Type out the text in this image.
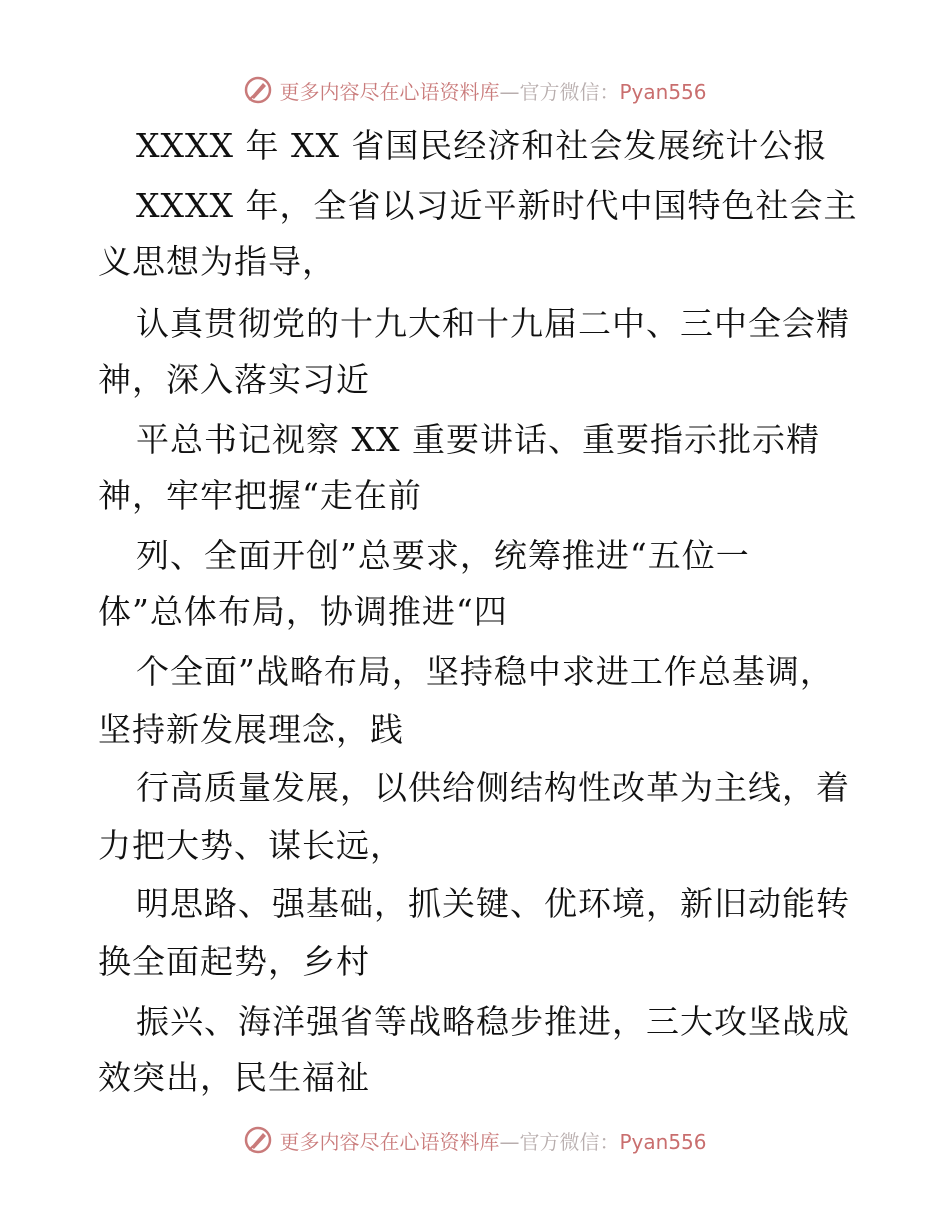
更多内容尽在心语资料库—官方微信：Pyan556
XXXX 年 XX 省国民经济和社会发展统计公报
XXXX 年，全省以习近平新时代中国特色社会主
义思想为指导，
认真贯彻党的十九大和十九届二中、三中全会精
神，深入落实习近
平总书记视察 XX 重要讲话、重要指示批示精
神，牢牢把握“走在前
列、全面开创”总要求，统筹推进“五位一
体”总体布局，协调推进“四
个全面”战略布局，坚持稳中求进工作总基调，
坚持新发展理念，践
行高质量发展，以供给侧结构性改革为主线，着
力把大势、谋长远，
明思路、强基础，抓关键、优环境，新旧动能转
换全面起势，乡村
振兴、海洋强省等战略稳步推进，三大攻坚战成
效突出，民生福祉
更多内容尽在心语资料库—官方微信：Pyan556
